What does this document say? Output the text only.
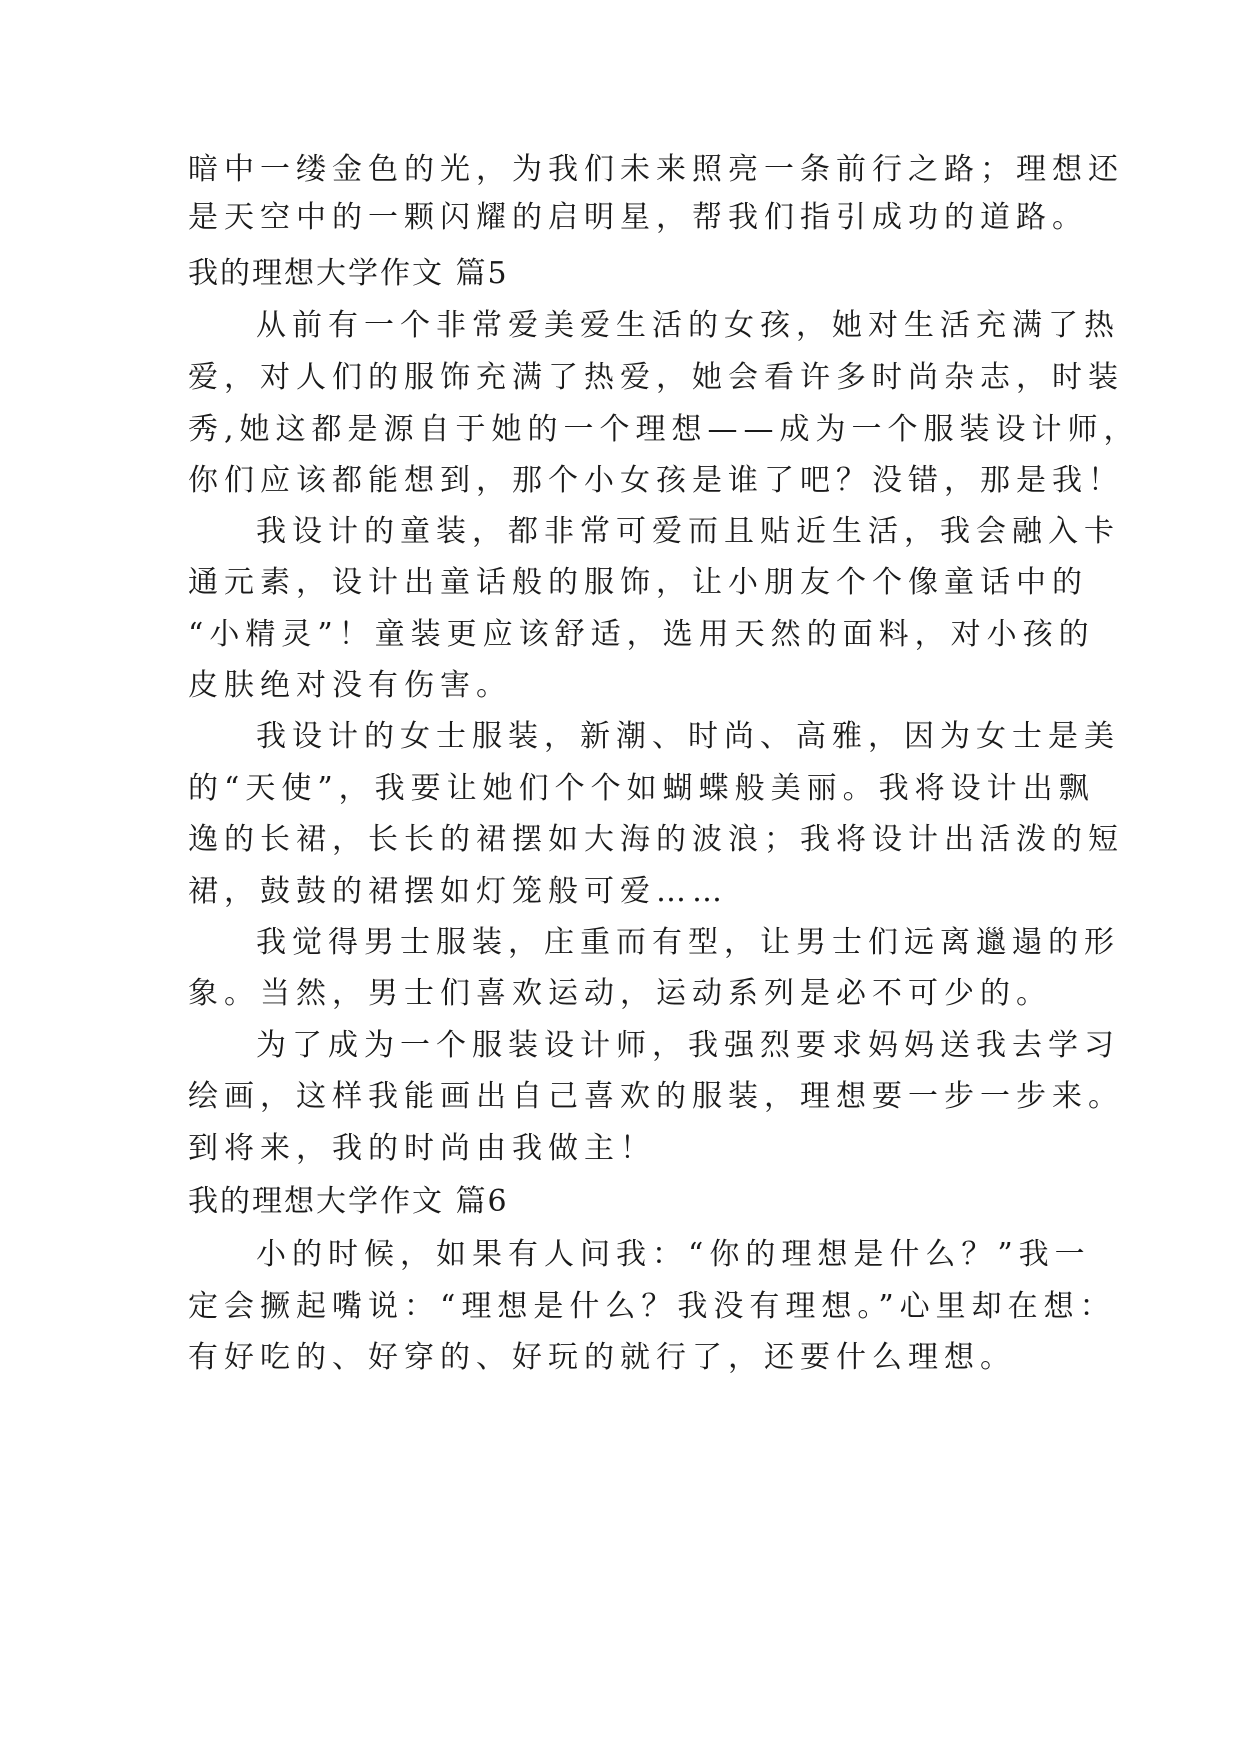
暗中一缕金色的光，为我们未来照亮一条前行之路；理想还
是天空中的一颗闪耀的启明星，帮我们指引成功的道路。
我的理想大学作文 篇5
从前有一个非常爱美爱生活的女孩，她对生活充满了热
爱，对人们的服饰充满了热爱，她会看许多时尚杂志，时装
秀,她这都是源自于她的一个理想——成为一个服装设计师，
你们应该都能想到，那个小女孩是谁了吧？没错，那是我！
我设计的童装，都非常可爱而且贴近生活，我会融入卡
通元素，设计出童话般的服饰，让小朋友个个像童话中的
“小精灵”！童装更应该舒适，选用天然的面料，对小孩的
皮肤绝对没有伤害。
我设计的女士服装，新潮、时尚、高雅，因为女士是美
的“天使”，我要让她们个个如蝴蝶般美丽。我将设计出飘
逸的长裙，长长的裙摆如大海的波浪；我将设计出活泼的短
裙，鼓鼓的裙摆如灯笼般可爱……
我觉得男士服装，庄重而有型，让男士们远离邋遢的形
象。当然，男士们喜欢运动，运动系列是必不可少的。
为了成为一个服装设计师，我强烈要求妈妈送我去学习
绘画，这样我能画出自己喜欢的服装，理想要一步一步来。
到将来，我的时尚由我做主！
我的理想大学作文 篇6
小的时候，如果有人问我：“你的理想是什么？”我一
定会撅起嘴说：“理想是什么？我没有理想。”心里却在想：
有好吃的、好穿的、好玩的就行了，还要什么理想。
